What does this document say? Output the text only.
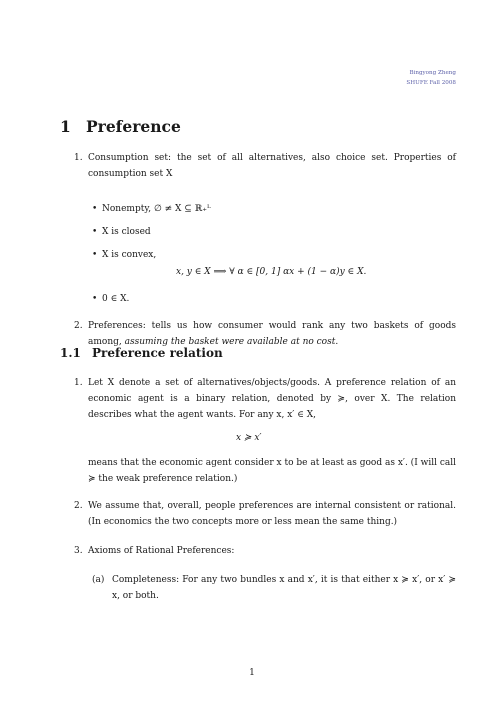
Bingyong Zheng
SHUFE Fall 2008
1 Preference
1. Consumption set: the set of all alternatives, also choice set. Properties of consumption set X
• Nonempty, ∅ ≠ X ⊆ ℝ₊ᴸ
• X is closed
• X is convex,
x, y ∈ X ⟹ ∀ α ∈ [0, 1] αx + (1 − α)y ∈ X.
• 0 ∈ X.
2. Preferences: tells us how consumer would rank any two baskets of goods among, assuming the basket were available at no cost.
1.1 Preference relation
1. Let X denote a set of alternatives/objects/goods. A preference relation of an economic agent is a binary relation, denoted by ≽, over X. The relation describes what the agent wants. For any x, x′ ∈ X,
x ≽ x′
means that the economic agent consider x to be at least as good as x′. (I will call ≽ the weak preference relation.)
2. We assume that, overall, people preferences are internal consistent or rational. (In economics the two concepts more or less mean the same thing.)
3. Axioms of Rational Preferences:
(a) Completeness: For any two bundles x and x′, it is that either x ≽ x′, or x′ ≽ x, or both.
1
